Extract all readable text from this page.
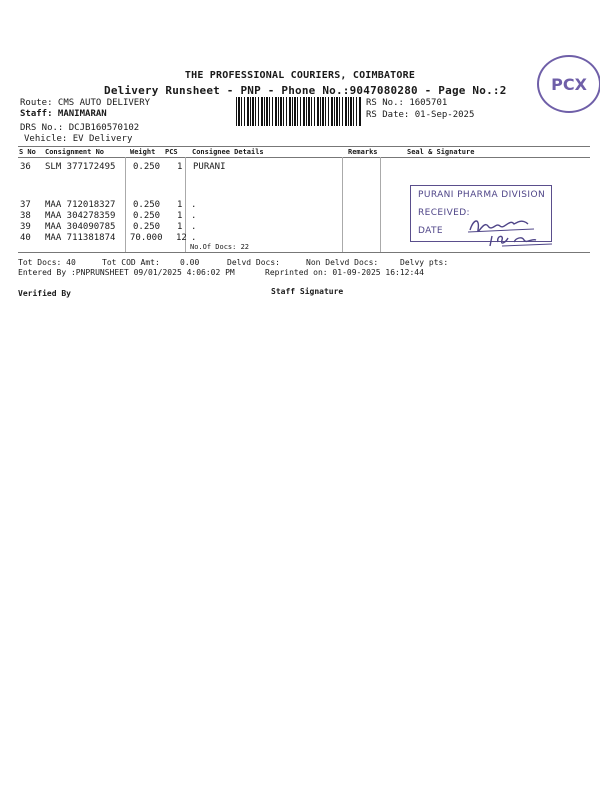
PCX
THE PROFESSIONAL COURIERS, COIMBATORE
Delivery Runsheet - PNP - Phone No.:9047080280 - Page No.:2
Route: CMS AUTO DELIVERY
Staff: MANIMARAN
DRS No.: DCJB160570102
Vehicle: EV Delivery
RS No.: 1605701
RS Date: 01-Sep-2025
S No Consignment No	Weight PCS Consignee Details	Remarks	Seal & Signature
36 SLM 377172495 0.250 1 PURANI
37 MAA 712018327 0.250 1 .
38 MAA 304278359 0.250 1 .
39 MAA 304090785 0.250 1 .
40 MAA 711381874 70.000 12 .
No.Of Docs: 22
PURANI PHARMA DIVISION
RECEIVED:
DATE
Tot Docs: 40	Tot COD Amt:	0.00	Delvd Docs:	Non Delvd Docs:	Delvy pts:
Entered By :PNPRUNSHEET 09/01/2025 4:06:02 PM	Reprinted on: 01-09-2025 16:12:44
Verified By	Staff Signature
